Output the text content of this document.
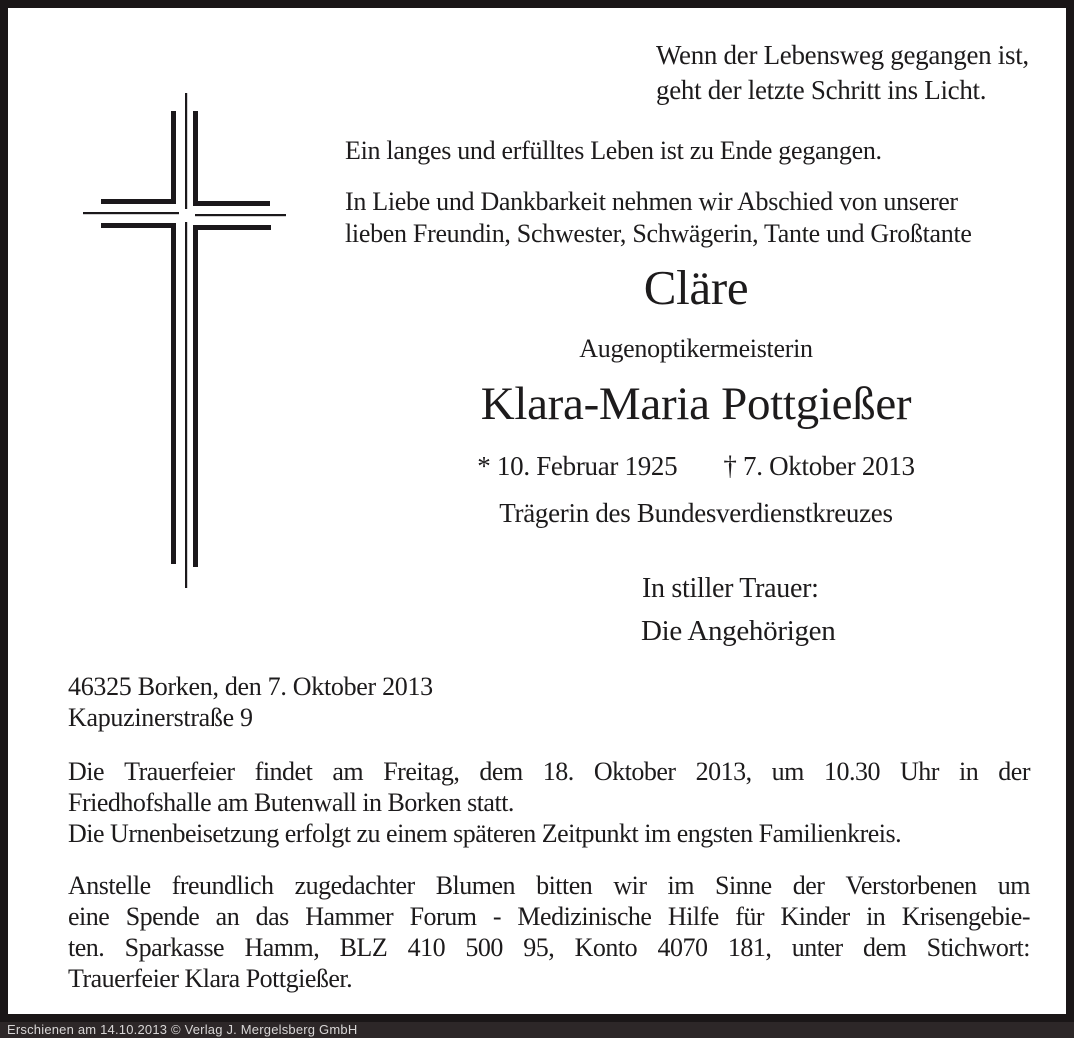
Wenn der Lebensweg gegangen ist,
geht der letzte Schritt ins Licht.
Ein langes und erfülltes Leben ist zu Ende gegangen.
In Liebe und Dankbarkeit nehmen wir Abschied von unserer
lieben Freundin, Schwester, Schwägerin, Tante und Großtante
Cläre
Augenoptikermeisterin
Klara-Maria Pottgießer
* 10. Februar 1925 † 7. Oktober 2013
Trägerin des Bundesverdienstkreuzes
In stiller Trauer:
Die Angehörigen
46325 Borken, den 7. Oktober 2013
Kapuzinerstraße 9
Die Trauerfeier findet am Freitag, dem 18. Oktober 2013, um 10.30 Uhr in der
Friedhofshalle am Butenwall in Borken statt.
Die Urnenbeisetzung erfolgt zu einem späteren Zeitpunkt im engsten Familienkreis.
Anstelle freundlich zugedachter Blumen bitten wir im Sinne der Verstorbenen um
eine Spende an das Hammer Forum - Medizinische Hilfe für Kinder in Krisengebie-
ten. Sparkasse Hamm, BLZ 410 500 95, Konto 4070 181, unter dem Stichwort:
Trauerfeier Klara Pottgießer.
Erschienen am 14.10.2013 © Verlag J. Mergelsberg GmbH
